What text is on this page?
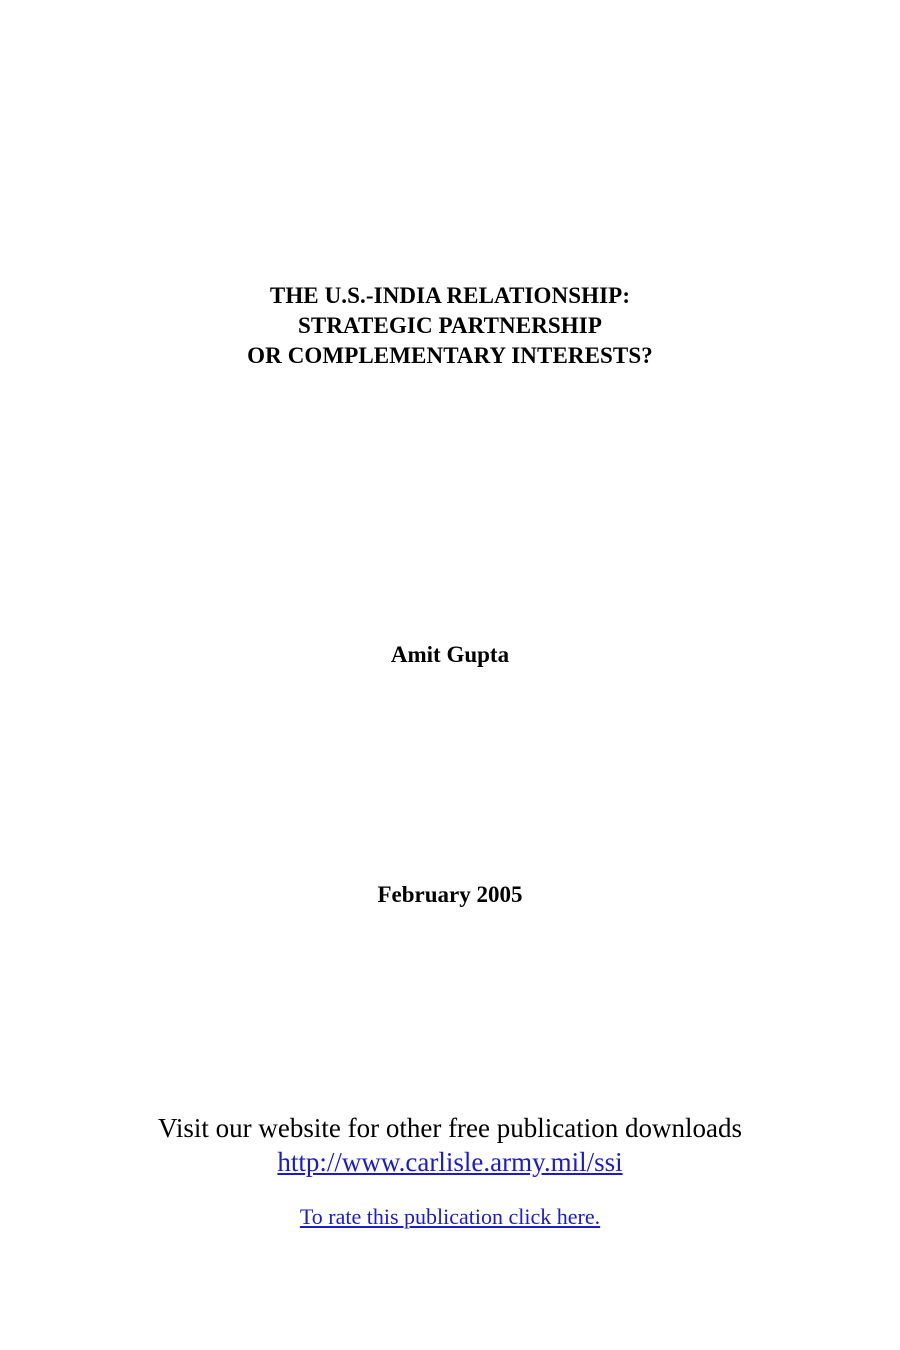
THE U.S.-INDIA RELATIONSHIP:
STRATEGIC PARTNERSHIP
OR COMPLEMENTARY INTERESTS?
Amit Gupta
February 2005
Visit our website for other free publication downloads
http://www.carlisle.army.mil/ssi
To rate this publication click here.
